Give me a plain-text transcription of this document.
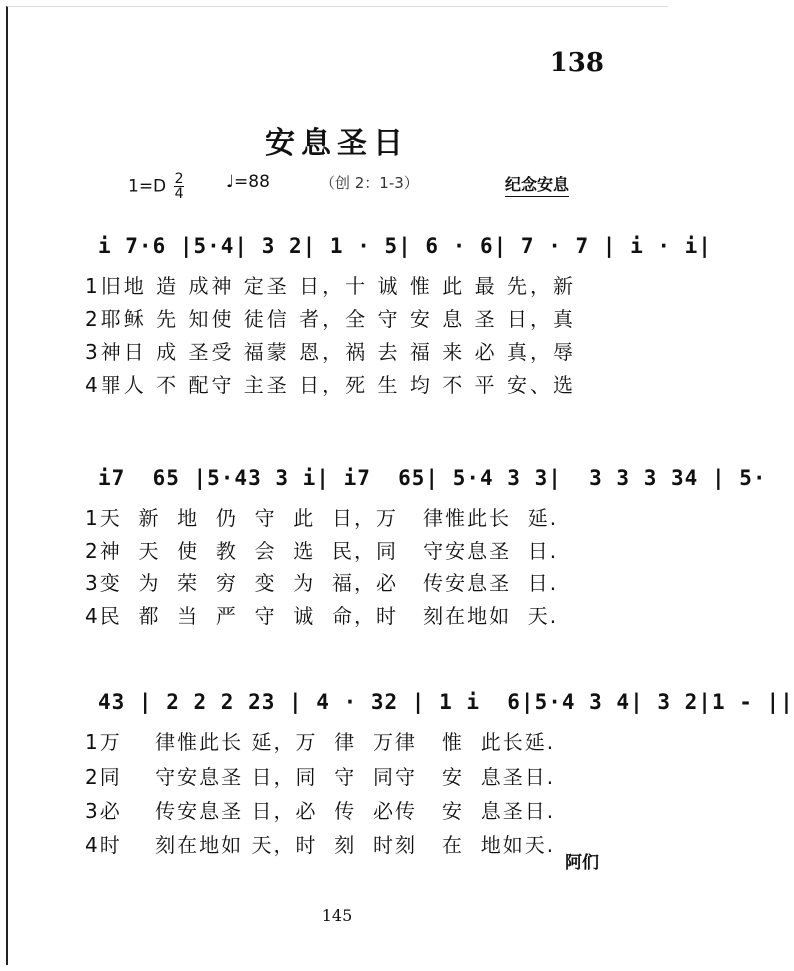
138
安息圣日
$1=D \frac{2}{4}$ ♩=88	（创 2：1-3）	纪念安息
i 7·6 |5·4| 3 2| 1 · 5| 6 · 6| 7 · 7 | i · i|
1旧地 造 成神 定圣 日，十 诚 惟 此 最 先，新
2耶稣 先 知使 徒信 者，全 守 安 息 圣 日，真
3神日 成 圣受 福蒙 恩，祸 去 福 来 必 真，辱
4罪人 不 配守 主圣 日，死 生 均 不 平 安、选
i7  65 |5·43 3 i| i7  65| 5·4 3 3|  3 3 3 34 | 5·
1天  新  地  仍  守  此  日，万   律惟此长  延.
2神  天  使  教  会  选  民，同   守安息圣  日.
3变  为  荣  穷  变  为  福，必   传安息圣  日.
4民  都  当  严  守  诚  命，时   刻在地如  天.
43 | 2 2 2 23 | 4 · 32 | 1 i  6|5·4 3 4| 3 2|1 - ||
1万    律惟此长 延，万  律  万律   惟  此长延.
2同    守安息圣 日，同  守  同守   安  息圣日.
3必    传安息圣 日，必  传  必传   安  息圣日.
4时    刻在地如 天，时  刻  时刻   在  地如天.
阿们
145
